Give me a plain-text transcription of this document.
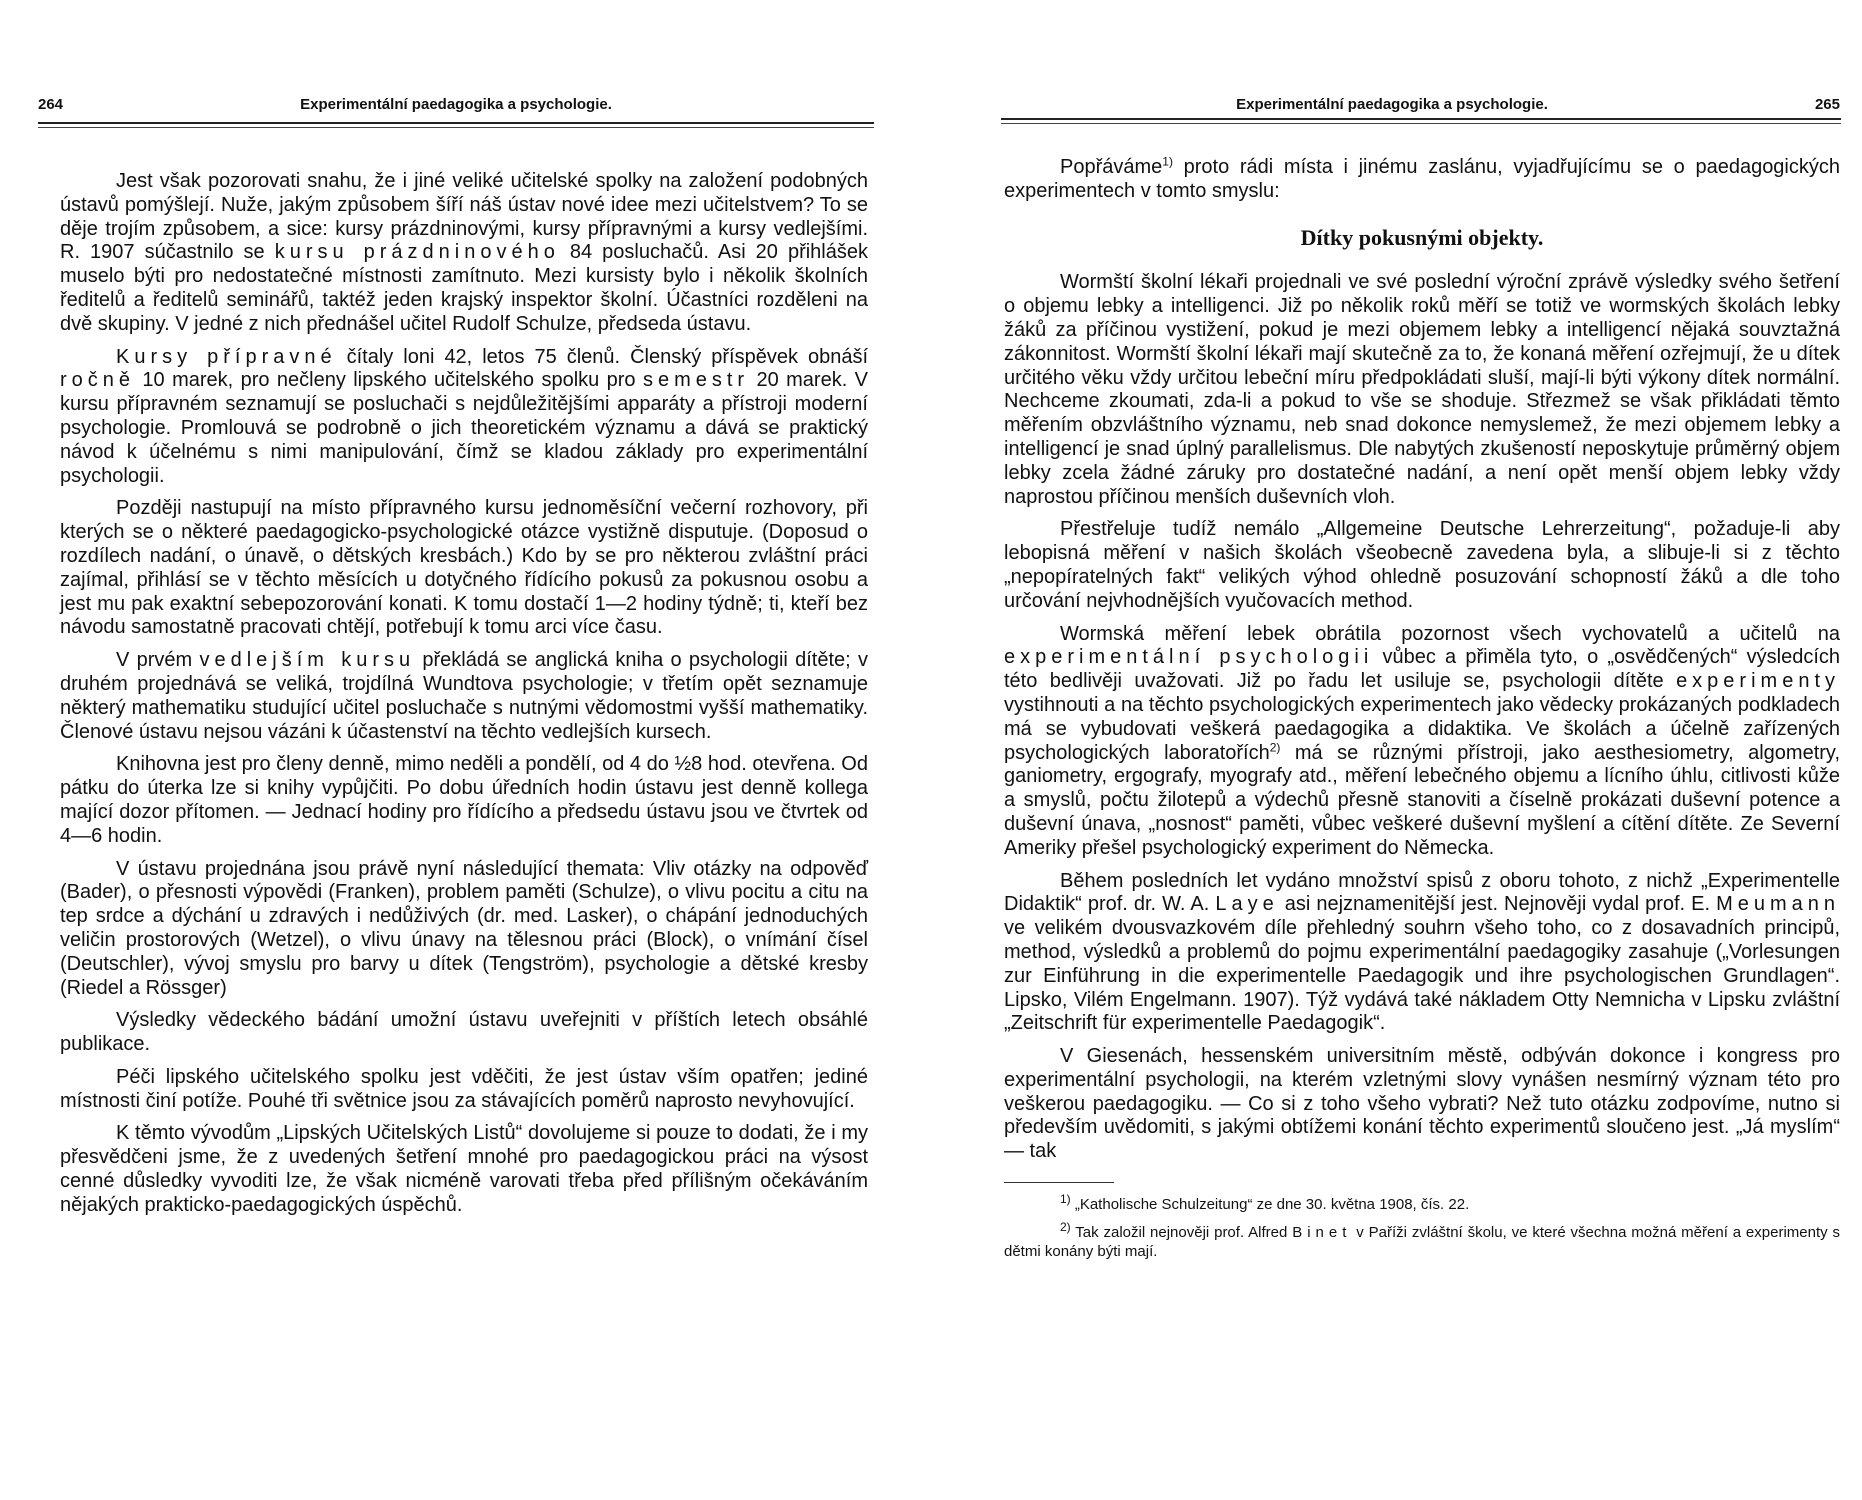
264	Experimentální paedagogika a psychologie.

Jest však pozorovati snahu, že i jiné veliké učitelské spolky na založení podobných ústavů pomýšlejí. Nuže, jakým způsobem šíří náš ústav nové idee mezi učitelstvem? To se děje trojím způsobem, a sice: kursy prázdninovými, kursy přípravnými a kursy vedlejšími. R. 1907 súčastnilo se kursu prázdninového 84 posluchačů. Asi 20 přihlášek muselo býti pro nedostatečné místnosti zamítnuto. Mezi kursisty bylo i několik školních ředitelů a ředitelů seminářů, taktéž jeden krajský inspektor školní. Účastníci rozděleni na dvě skupiny. V jedné z nich přednášel učitel Rudolf Schulze, předseda ústavu.

Kursy přípravné čítaly loni 42, letos 75 členů. Členský příspěvek obnáší ročně 10 marek, pro nečleny lipského učitelského spolku pro semestr 20 marek. V kursu přípravném seznamují se posluchači s nejdůležitějšími apparáty a přístroji moderní psychologie. Promlouvá se podrobně o jich theoretickém významu a dává se praktický návod k účelnému s nimi manipulování, čímž se kladou základy pro experimentální psychologii.

Později nastupují na místo přípravného kursu jednoměsíční večerní rozhovory, při kterých se o některé paedagogicko-psychologické otázce vystižně disputuje. (Doposud o rozdílech nadání, o únavě, o dětských kresbách.) Kdo by se pro některou zvláštní práci zajímal, přihlásí se v těchto měsících u dotyčného řídícího pokusů za pokusnou osobu a jest mu pak exaktní sebepozorování konati. K tomu dostačí 1—2 hodiny týdně; ti, kteří bez návodu samostatně pracovati chtějí, potřebují k tomu arci více času.

V prvém vedlejším kursu překládá se anglická kniha o psychologii dítěte; v druhém projednává se veliká, trojdílná Wundtova psychologie; v třetím opět seznamuje některý mathematiku studující učitel posluchače s nutnými vědomostmi vyšší mathematiky. Členové ústavu nejsou vázáni k účastenství na těchto vedlejších kursech.

Knihovna jest pro členy denně, mimo neděli a pondělí, od 4 do ½8 hod. otevřena. Od pátku do úterka lze si knihy vypůjčiti. Po dobu úředních hodin ústavu jest denně kollega mající dozor přítomen. — Jednací hodiny pro řídícího a předsedu ústavu jsou ve čtvrtek od 4—6 hodin.

V ústavu projednána jsou právě nyní následující themata: Vliv otázky na odpověď (Bader), o přesnosti výpovědi (Franken), problem paměti (Schulze), o vlivu pocitu a citu na tep srdce a dýchání u zdravých i nedůživých (dr. med. Lasker), o chápání jednoduchých veličin prostorových (Wetzel), o vlivu únavy na tělesnou práci (Block), o vnímání čísel (Deutschler), vývoj smyslu pro barvy u dítek (Tengström), psychologie a dětské kresby (Riedel a Rössger)

Výsledky vědeckého bádání umožní ústavu uveřejniti v příštích letech obsáhlé publikace.

Péči lipského učitelského spolku jest vděčiti, že jest ústav vším opatřen; jediné místnosti činí potíže. Pouhé tři světnice jsou za stávajících poměrů naprosto nevyhovující.

K těmto vývodům „Lipských Učitelských Listů“ dovolujeme si pouze to dodati, že i my přesvědčeni jsme, že z uvedených šetření mnohé pro paedagogickou práci na výsost cenné důsledky vyvoditi lze, že však nicméně varovati třeba před přílišným očekáváním nějakých prakticko-paedagogických úspěchů.

Experimentální paedagogika a psychologie.	265

Popřáváme$^{1)}$ proto rádi místa i jinému zaslánu, vyjadřujícímu se o paedagogických experimentech v tomto smyslu:

Dítky pokusnými objekty.

Wormští školní lékaři projednali ve své poslední výroční zprávě výsledky svého šetření o objemu lebky a intelligenci. Již po několik roků měří se totiž ve wormských školách lebky žáků za příčinou vystižení, pokud je mezi objemem lebky a intelligencí nějaká souvztažná zákonnitost. Wormští školní lékaři mají skutečně za to, že konaná měření ozřejmují, že u dítek určitého věku vždy určitou lebeční míru předpokládati sluší, mají-li býti výkony dítek normální. Nechceme zkoumati, zda-li a pokud to vše se shoduje. Střezmež se však přikládati těmto měřením obzvláštního významu, neb snad dokonce nemyslemež, že mezi objemem lebky a intelligencí je snad úplný parallelismus. Dle nabytých zkušeností neposkytuje průměrný objem lebky zcela žádné záruky pro dostatečné nadání, a není opět menší objem lebky vždy naprostou příčinou menších duševních vloh.

Přestřeluje tudíž nemálo „Allgemeine Deutsche Lehrerzeitung“, požaduje-li aby lebopisná měření v našich školách všeobecně zavedena byla, a slibuje-li si z těchto „nepopíratelných fakt“ velikých výhod ohledně posuzování schopností žáků a dle toho určování nejvhodnějších vyučovacích method.

Wormská měření lebek obrátila pozornost všech vychovatelů a učitelů na experimentální psychologii vůbec a přiměla tyto, o „osvědčených“ výsledcích této bedlivěji uvažovati. Již po řadu let usiluje se, psychologii dítěte experimenty vystihnouti a na těchto psychologických experimentech jako vědecky prokázaných podkladech má se vybudovati veškerá paedagogika a didaktika. Ve školách a účelně zařízených psychologických laboratořích$^{2)}$ má se různými přístroji, jako aesthesiometry, algometry, ganiometry, ergografy, myografy atd., měření lebečného objemu a lícního úhlu, citlivosti kůže a smyslů, počtu žilotepů a výdechů přesně stanoviti a číselně prokázati duševní potence a duševní únava, „nosnost“ paměti, vůbec veškeré duševní myšlení a cítění dítěte. Ze Severní Ameriky přešel psychologický experiment do Německa.

Během posledních let vydáno množství spisů z oboru tohoto, z nichž „Experimentelle Didaktik“ prof. dr. W. A. Laye asi nejznamenitější jest. Nejnověji vydal prof. E. Meumann ve velikém dvousvazkovém díle přehledný souhrn všeho toho, co z dosavadních principů, method, výsledků a problemů do pojmu experimentální paedagogiky zasahuje („Vorlesungen zur Einführung in die experimentelle Paedagogik und ihre psychologischen Grundlagen“. Lipsko, Vilém Engelmann. 1907). Týž vydává také nákladem Otty Nemnicha v Lipsku zvláštní „Zeitschrift für experimentelle Paedagogik“.

V Giesenách, hessenském universitním městě, odbýván dokonce i kongress pro experimentální psychologii, na kterém vzletnými slovy vynášen nesmírný význam této pro veškerou paedagogiku. — Co si z toho všeho vybrati? Než tuto otázku zodpovíme, nutno si především uvědomiti, s jakými obtížemi konání těchto experimentů sloučeno jest. „Já myslím“ — tak

$^{1)}$ „Katholische Schulzeitung“ ze dne 30. května 1908, čís. 22.

$^{2)}$ Tak založil nejnověji prof. Alfred Binet v Paříži zvláštní školu, ve které všechna možná měření a experimenty s dětmi konány býti mají.
